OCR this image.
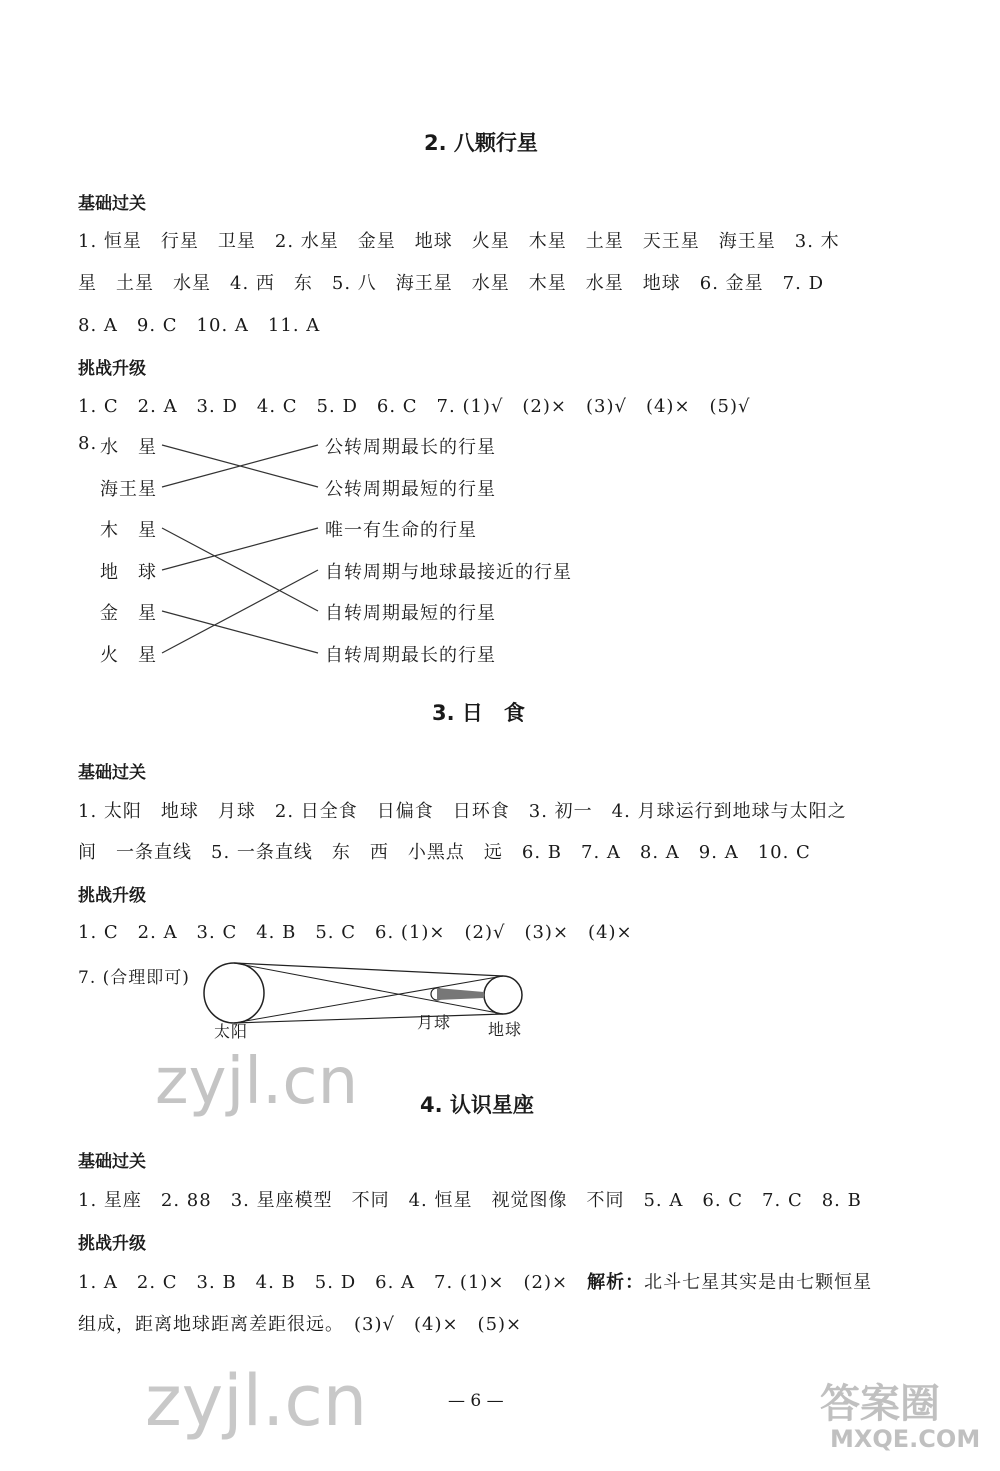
2. 八颗行星
基础过关
1. 恒星　行星　卫星　2. 水星　金星　地球　火星　木星　土星　天王星　海王星　3. 木
星　土星　水星　4. 西　东　5. 八　海王星　水星　木星　水星　地球　6. 金星　7. D
8. A　9. C　10. A　11. A
挑战升级
1. C　2. A　3. D　4. C　5. D　6. C　7. (1)√　(2)×　(3)√　(4)×　(5)√
8. 水　星
海王星
木　星
地　球
金　星
火　星
公转周期最长的行星
公转周期最短的行星
唯一有生命的行星
自转周期与地球最接近的行星
自转周期最短的行星
自转周期最长的行星
3. 日　食
基础过关
1. 太阳　地球　月球　2. 日全食　日偏食　日环食　3. 初一　4. 月球运行到地球与太阳之
间　一条直线　5. 一条直线　东　西　小黑点　远　6. B　7. A　8. A　9. A　10. C
挑战升级
1. C　2. A　3. C　4. B　5. C　6. (1)×　(2)√　(3)×　(4)×
7. (合理即可)
太阳	月球 地球
4. 认识星座
基础过关
1. 星座　2. 88　3. 星座模型　不同　4. 恒星　视觉图像　不同　5. A　6. C　7. C　8. B
挑战升级
1. A　2. C　3. B　4. B　5. D　6. A　7. (1)×　(2)×　解析：北斗七星其实是由七颗恒星
组成，距离地球距离差距很远。　(3)√　(4)×　(5)×
— 6 —
zyjl.cn
zyjl.cn	答案圈
MXQE.COM
